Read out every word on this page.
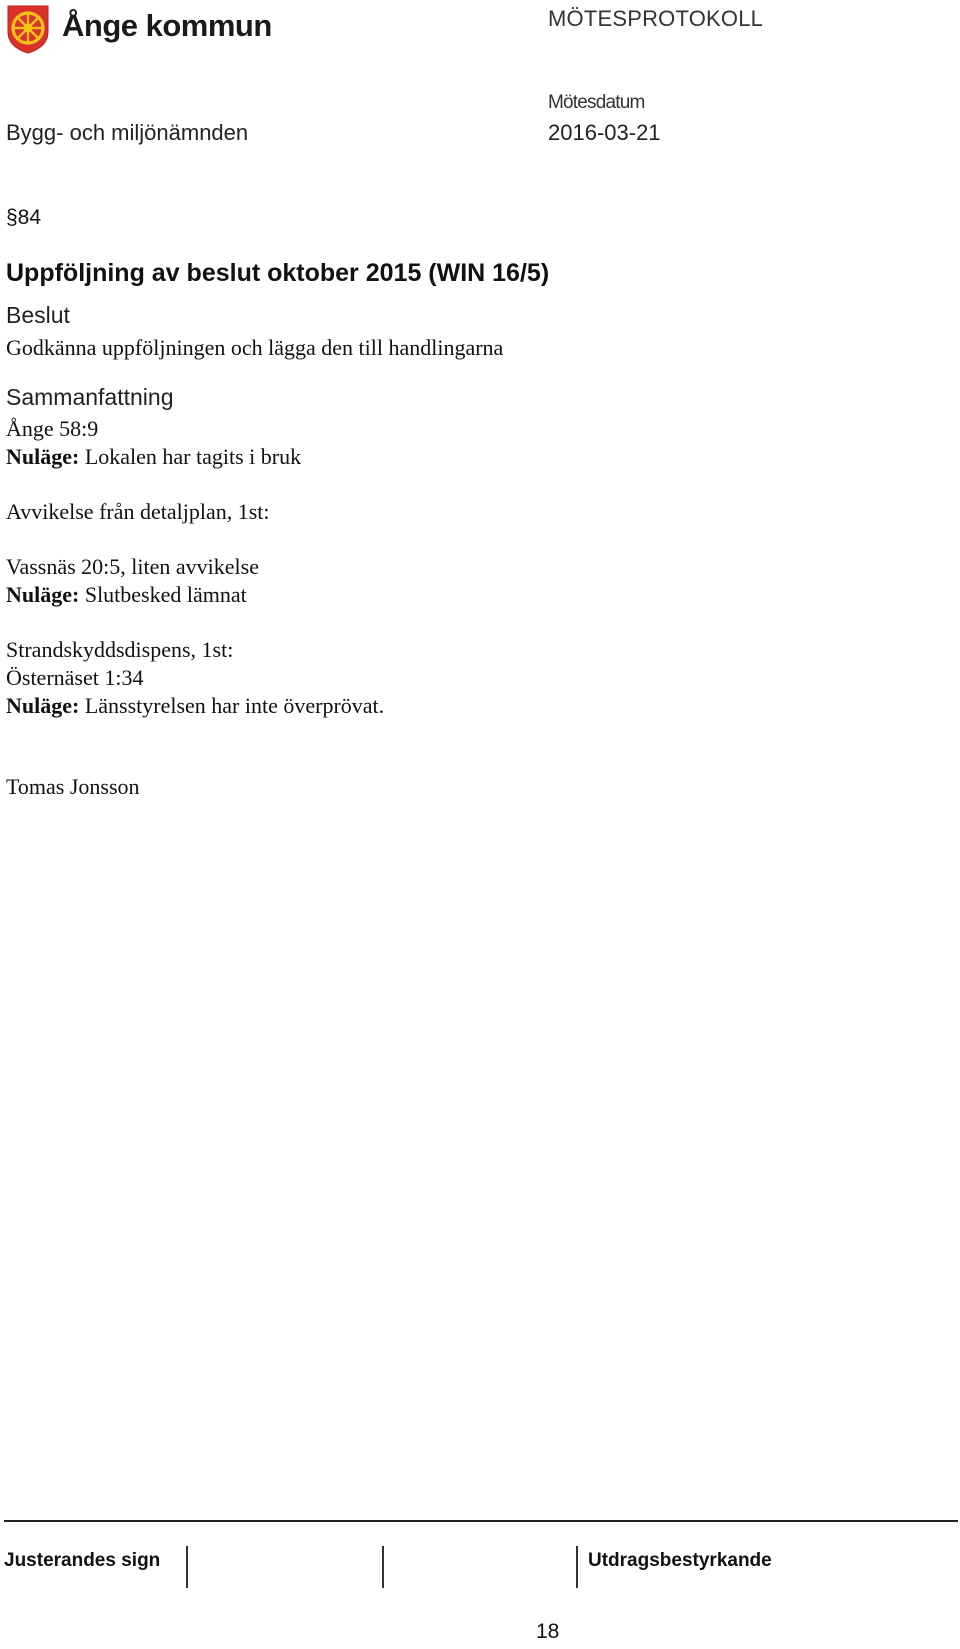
Ånge kommun	MÖTESPROTOKOLL
Mötesdatum
Bygg- och miljönämnden	2016-03-21
§84
Uppföljning av beslut oktober 2015 (WIN 16/5)
Beslut
Godkänna uppföljningen och lägga den till handlingarna
Sammanfattning
Ånge 58:9
Nuläge: Lokalen har tagits i bruk
Avvikelse från detaljplan, 1st:
Vassnäs 20:5, liten avvikelse
Nuläge: Slutbesked lämnat
Strandskyddsdispens, 1st:
Östernäset 1:34
Nuläge: Länsstyrelsen har inte överprövat.
Tomas Jonsson
Justerandes sign	Utdragsbestyrkande
18
